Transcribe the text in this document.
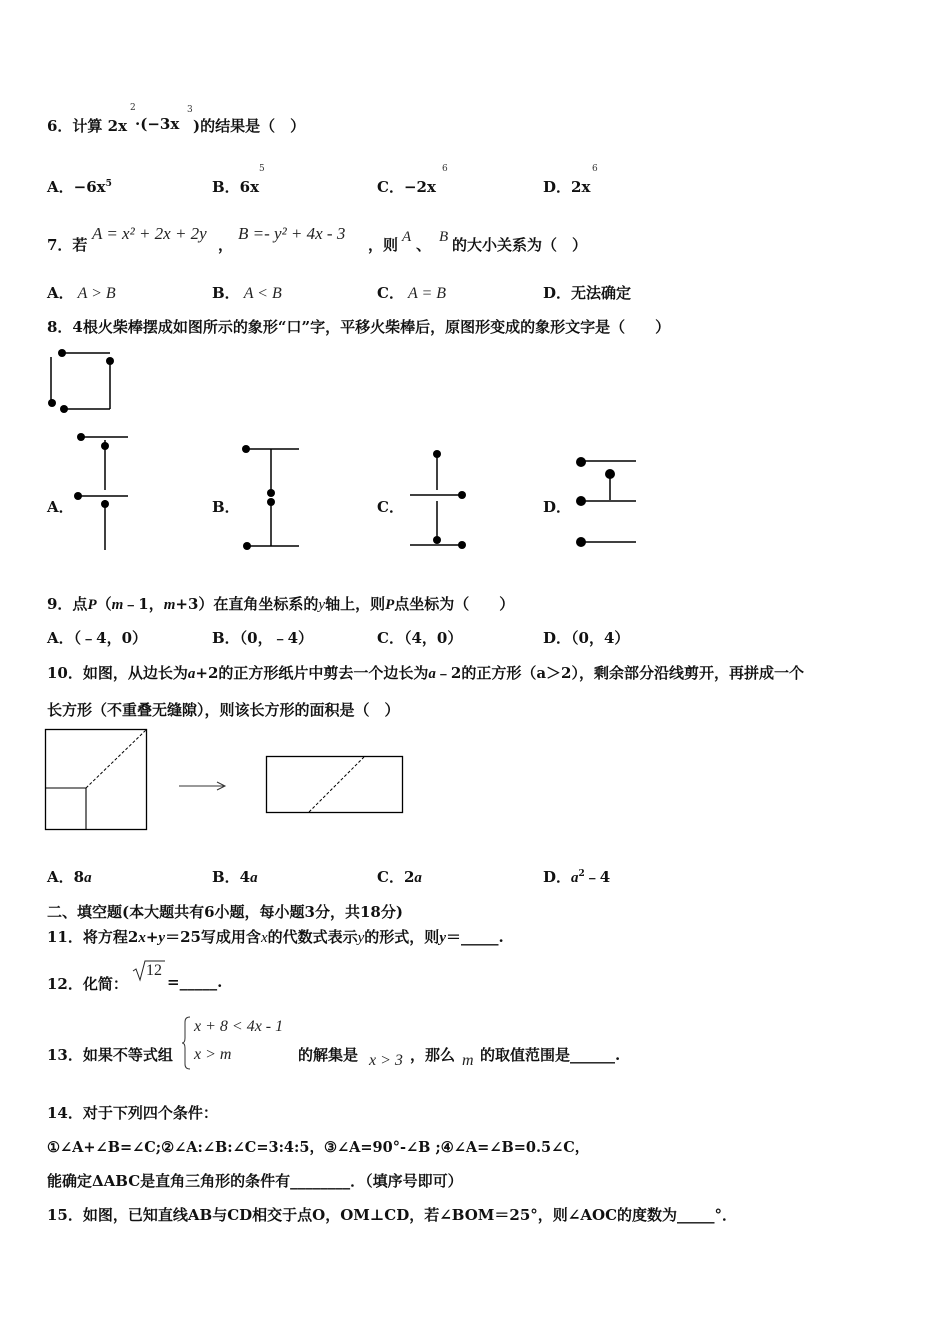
6．计算 2x
2
·(−3x
3
)的结果是（　）
A．$-6x^5$	B．6x
5
C．−2x
6
D．2x
6
7．若
A = x² + 2x + 2y
，
B =- y² + 4x - 3
，则 A 、 B 的大小关系为（　）
A． A > B	B． A < B	C． A = B	D．无法确定
8．4根火柴棒摆成如图所示的象形“口”字，平移火柴棒后，原图形变成的象形文字是（　　）
A．	B．	C．	D．
9．点P（m﹣1，m+3）在直角坐标系的y轴上，则P点坐标为（　　）
A．（﹣4，0）	B．（0，﹣4）	C．（4，0）	D．（0，4）
10．如图，从边长为a+2的正方形纸片中剪去一个边长为a﹣2的正方形（a＞2），剩余部分沿线剪开，再拼成一个
长方形（不重叠无缝隙），则该长方形的面积是（　）
A．8a	B．4a	C．2a	D．$a^2﹣4$
二、填空题(本大题共有6小题，每小题3分，共18分)
11．将方程2x+y＝25写成用含x的代数式表示y的形式，则y＝_____.
12．化简：
12
=_____.
13．如果不等式组
x + 8 < 4x - 1
x > m	的解集是 x > 3 ，那么 m 的取值范围是______.
14．对于下列四个条件：
①∠A+∠B=∠C;②∠A:∠B:∠C=3:4:5，③∠A=90°-∠B ;④∠A=∠B=0.5∠C，
能确定ΔABC是直角三角形的条件有________．（填序号即可）
15．如图，已知直线AB与CD相交于点O，OM⊥CD，若∠BOM＝25°，则∠AOC的度数为_____°．
